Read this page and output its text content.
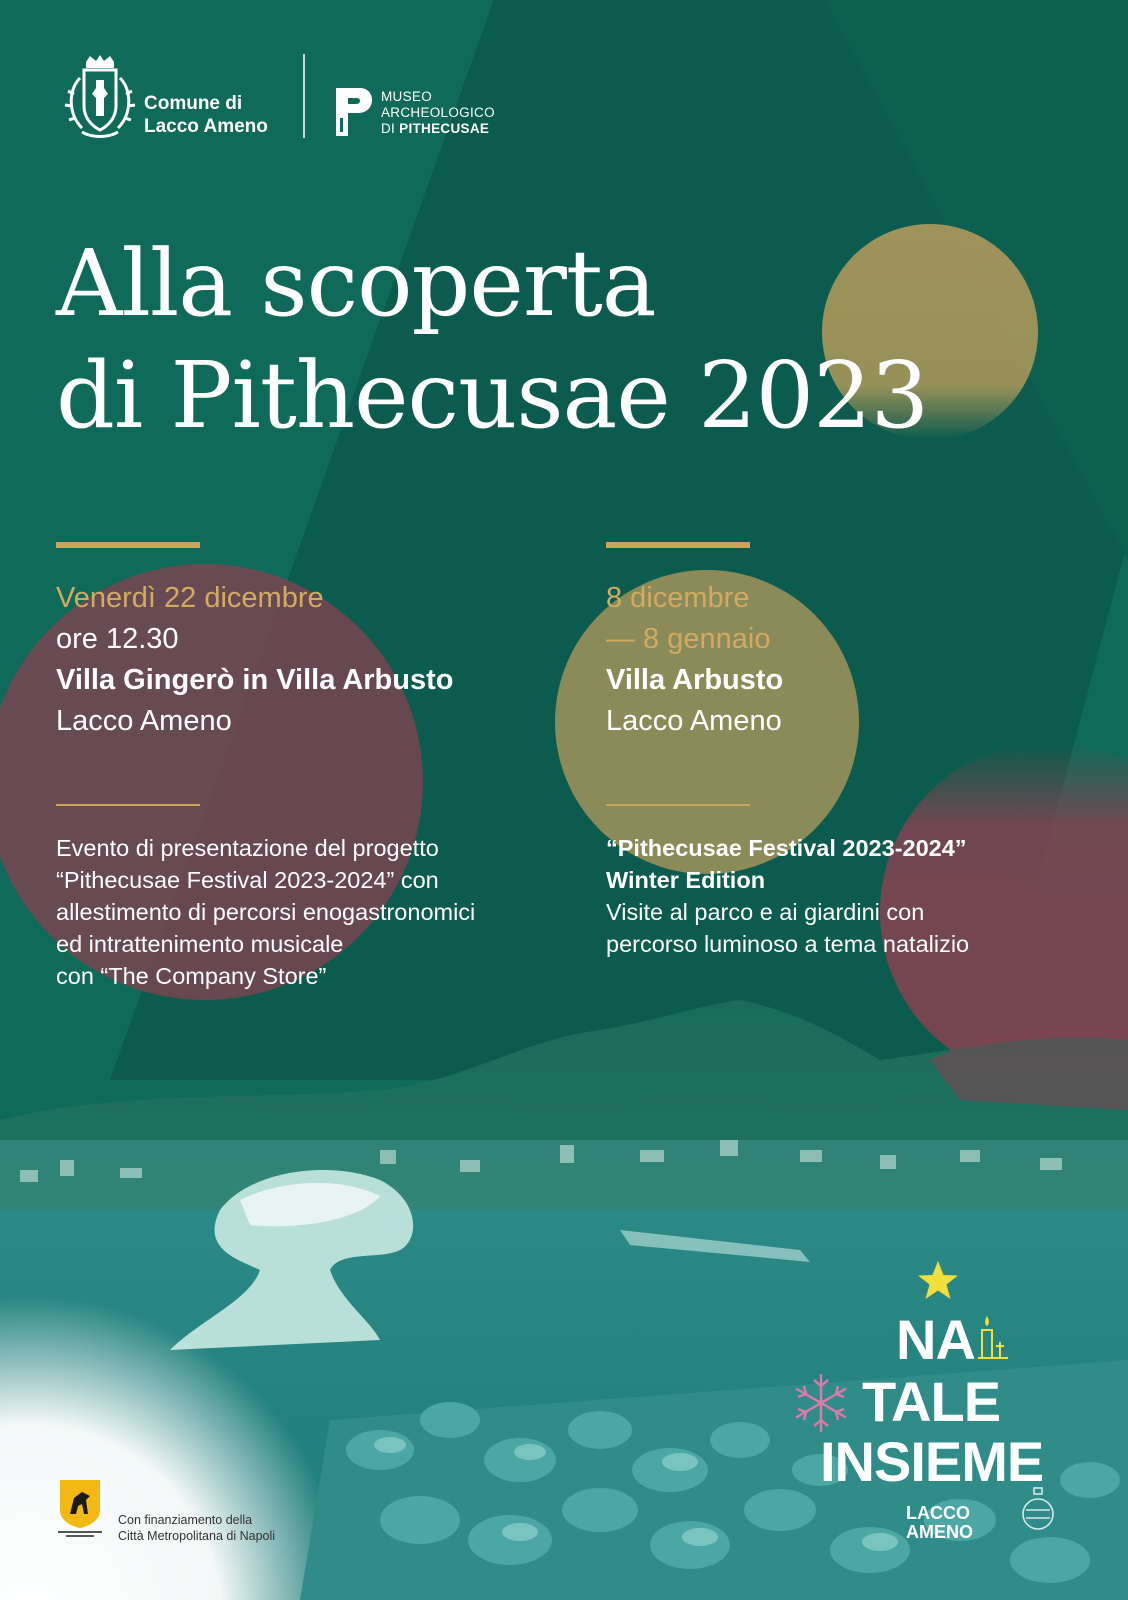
Comune di
Lacco Ameno
MUSEO
ARCHEOLOGICO
DI PITHECUSAE
Alla scoperta
di Pithecusae 2023
Venerdì 22 dicembre
ore 12.30
Villa Gingerò in Villa Arbusto
Lacco Ameno
8 dicembre
— 8 gennaio
Villa Arbusto
Lacco Ameno
Evento di presentazione del progetto
“Pithecusae Festival 2023-2024” con
allestimento di percorsi enogastronomici
ed intrattenimento musicale
con “The Company Store”
“Pithecusae Festival 2023-2024”
Winter Edition
Visite al parco e ai giardini con
percorso luminoso a tema natalizio
NA
TALE
INSIEME
LACCO
AMENO
Con finanziamento della
Città Metropolitana di Napoli
